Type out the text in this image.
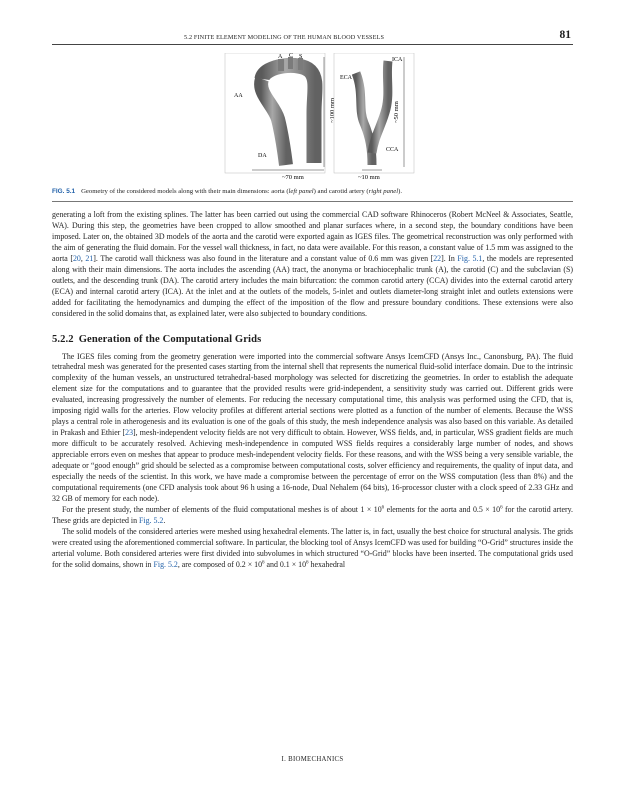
5.2 FINITE ELEMENT MODELING OF THE HUMAN BLOOD VESSELS	81
A C S
AA
DA
~100 mm
~70 mm
ICA
ECA
CCA
~50 mm
~10 mm
FIG. 5.1 Geometry of the considered models along with their main dimensions: aorta (left panel) and carotid artery (right panel).

generating a loft from the existing splines. The latter has been carried out using the commercial CAD software Rhinoceros (Robert McNeel & Associates, Seattle, WA). During this step, the geometries have been cropped to allow smoothed and planar surfaces where, in a second step, the boundary conditions have been imposed. Later on, the obtained 3D models of the aorta and the carotid were exported again as IGES files. The geometrical reconstruction was only performed with the aim of generating the fluid domain. For the vessel wall thickness, in fact, no data were available. For this reason, a constant value of 1.5 mm was assigned to the aorta [20, 21]. The carotid wall thickness was also found in the literature and a constant value of 0.6 mm was given [22]. In Fig. 5.1, the models are represented along with their main dimensions. The aorta includes the ascending (AA) tract, the anonyma or brachiocephalic trunk (A), the carotid (C) and the subclavian (S) outlets, and the descending trunk (DA). The carotid artery includes the main bifurcation: the common carotid artery (CCA) divides into the external carotid artery (ECA) and internal carotid artery (ICA). At the inlet and at the outlets of the models, 5-inlet and outlets diameter-long straight inlet and outlets extensions were added for facilitating the hemodynamics and dumping the effect of the imposition of the flow and pressure boundary conditions. These extensions were also considered in the solid domains that, as explained later, were also subjected to boundary conditions.

5.2.2 Generation of the Computational Grids

The IGES files coming from the geometry generation were imported into the commercial software Ansys IcemCFD (Ansys Inc., Canonsburg, PA). The fluid tetrahedral mesh was generated for the presented cases starting from the internal shell that represents the numerical fluid-solid interface domain. Due to the intrinsic complexity of the human vessels, an unstructured tetrahedral-based morphology was selected for discretizing the geometries. In order to establish the adequate element size for the computations and to guarantee that the provided results were grid-independent, a sensitivity study was carried out. Different grids were evaluated, increasing progressively the number of elements. For reducing the necessary computational time, this analysis was performed using the CFD, that is, imposing rigid walls for the arteries. Flow velocity profiles at different arterial sections were plotted as a function of the number of elements. Because the WSS plays a central role in atherogenesis and its evaluation is one of the goals of this study, the mesh independence analysis was also based on this variable. As detailed in Prakash and Ethier [23], mesh-independent velocity fields are not very difficult to obtain. However, WSS fields, and, in particular, WSS gradient fields are much more difficult to be accurately resolved. Achieving mesh-independence in computed WSS fields requires a considerably large number of nodes, and shows appreciable errors even on meshes that appear to produce mesh-independent velocity fields. For these reasons, and with the WSS being a very sensible variable, the adequate or “good enough” grid should be selected as a compromise between computational costs, solver efficiency and requirements, the quality of input data, and especially the needs of the scientist. In this work, we have made a compromise between the percentage of error on the WSS computation (less than 8%) and the computational requirements (one CFD analysis took about 96 h using a 16-node, Dual Nehalem (64 bits), 16-processor cluster with a clock speed of 2.33 GHz and 32 GB of memory for each node).

For the present study, the number of elements of the fluid computational meshes is of about $1 \times 10^6$ elements for the aorta and $0.5 \times 10^6$ for the carotid artery. These grids are depicted in Fig. 5.2.

The solid models of the considered arteries were meshed using hexahedral elements. The latter is, in fact, usually the best choice for structural analysis. The grids were created using the aforementioned commercial software. In particular, the blocking tool of Ansys IcemCFD was used for building “O-Grid” structures inside the arterial volume. Both considered arteries were first divided into subvolumes in which structured “O-Grid” blocks have been inserted. The computational grids used for the solid domains, shown in Fig. 5.2, are composed of $0.2 \times 10^6$ and $0.1 \times 10^6$ hexahedral

I. BIOMECHANICS
